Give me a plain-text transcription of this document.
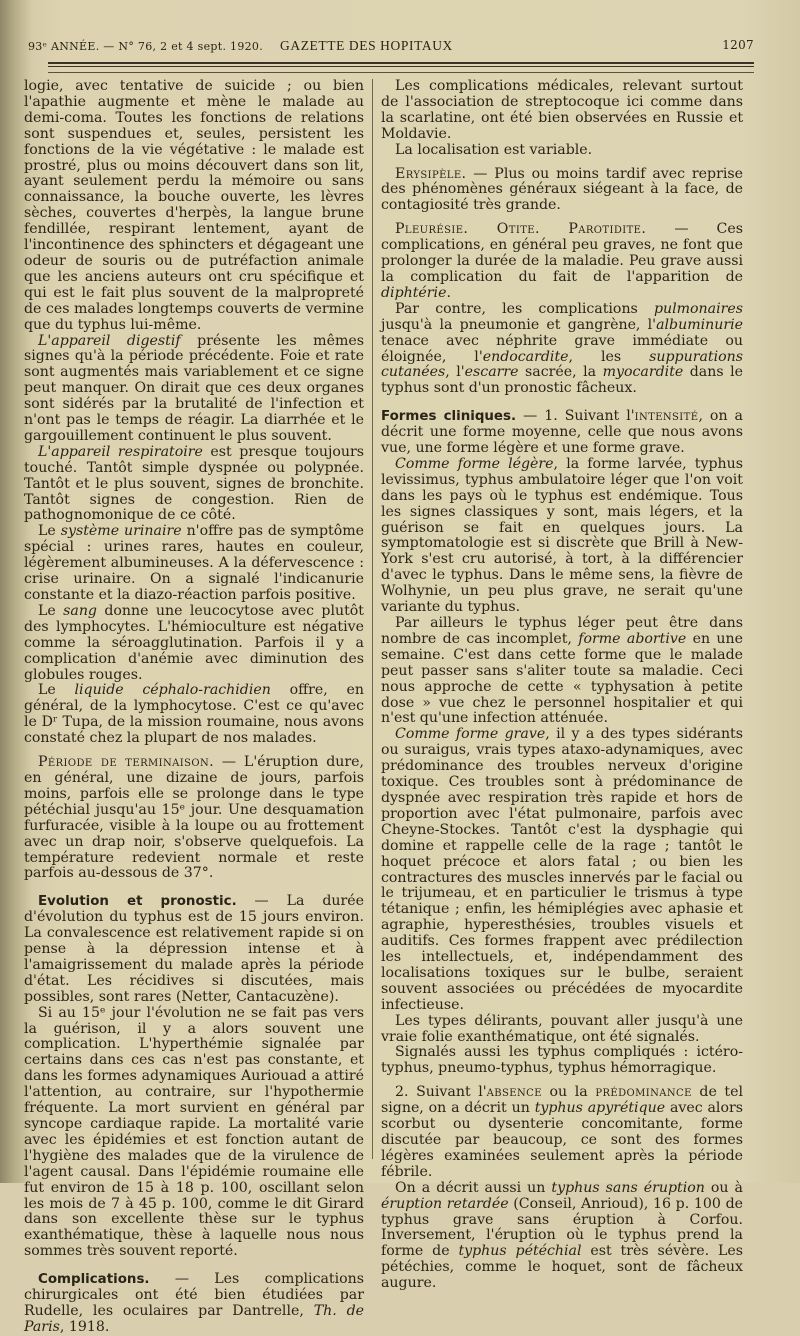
93ᵉ ANNÉE. — N° 76, 2 et 4 sept. 1920. GAZETTE DES HOPITAUX	1207

logie, avec tentative de suicide ; ou bien l'apathie augmente et mène le malade au demi-coma. Toutes les fonctions de relations sont suspendues et, seules, persistent les fonctions de la vie végétative : le malade est prostré, plus ou moins découvert dans son lit, ayant seulement perdu la mémoire ou sans connaissance, la bouche ouverte, les lèvres sèches, couvertes d'herpès, la langue brune fendillée, respirant lentement, ayant de l'incontinence des sphincters et dégageant une odeur de souris ou de putréfaction animale que les anciens auteurs ont cru spécifique et qui est le fait plus souvent de la malpropreté de ces malades longtemps couverts de vermine que du typhus lui-même.

L'appareil digestif présente les mêmes signes qu'à la période précédente. Foie et rate sont augmentés mais variablement et ce signe peut manquer. On dirait que ces deux organes sont sidérés par la brutalité de l'infection et n'ont pas le temps de réagir. La diarrhée et le gargouillement continuent le plus souvent.

L'appareil respiratoire est presque toujours touché. Tantôt simple dyspnée ou polypnée. Tantôt et le plus souvent, signes de bronchite. Tantôt signes de congestion. Rien de pathognomonique de ce côté.

Le système urinaire n'offre pas de symptôme spécial : urines rares, hautes en couleur, légèrement albumineuses. A la défervescence : crise urinaire. On a signalé l'indicanurie constante et la diazo-réaction parfois positive.

Le sang donne une leucocytose avec plutôt des lymphocytes. L'hémioculture est négative comme la séroagglutination. Parfois il y a complication d'anémie avec diminution des globules rouges.

Le liquide céphalo-rachidien offre, en général, de la lymphocytose. C'est ce qu'avec le Dʳ Tupa, de la mission roumaine, nous avons constaté chez la plupart de nos malades.

Période de terminaison. — L'éruption dure, en général, une dizaine de jours, parfois moins, parfois elle se prolonge dans le type pétéchial jusqu'au 15ᵉ jour. Une desquamation furfuracée, visible à la loupe ou au frottement avec un drap noir, s'observe quelquefois. La température redevient normale et reste parfois au-dessous de 37°.

Evolution et pronostic. — La durée d'évolution du typhus est de 15 jours environ. La convalescence est relativement rapide si on pense à la dépression intense et à l'amaigrissement du malade après la période d'état. Les récidives si discutées, mais possibles, sont rares (Netter, Cantacuzène).

Si au 15ᵉ jour l'évolution ne se fait pas vers la guérison, il y a alors souvent une complication. L'hyperthémie signalée par certains dans ces cas n'est pas constante, et dans les formes adynamiques Auriouad a attiré l'attention, au contraire, sur l'hypothermie fréquente. La mort survient en général par syncope cardiaque rapide. La mortalité varie avec les épidémies et est fonction autant de l'hygiène des malades que de la virulence de l'agent causal. Dans l'épidémie roumaine elle fut environ de 15 à 18 p. 100, oscillant selon les mois de 7 à 45 p. 100, comme le dit Girard dans son excellente thèse sur le typhus exanthématique, thèse à laquelle nous nous sommes très souvent reporté.

Complications. — Les complications chirurgicales ont été bien étudiées par Rudelle, les oculaires par Dantrelle, Th. de Paris, 1918.

Les complications médicales, relevant surtout de l'association de streptocoque ici comme dans la scarlatine, ont été bien observées en Russie et Moldavie.

La localisation est variable.

Erysipèle. — Plus ou moins tardif avec reprise des phénomènes généraux siégeant à la face, de contagiosité très grande.

Pleurésie. Otite. Parotidite. — Ces complications, en général peu graves, ne font que prolonger la durée de la maladie. Peu grave aussi la complication du fait de l'apparition de diphtérie.

Par contre, les complications pulmonaires jusqu'à la pneumonie et gangrène, l'albuminurie tenace avec néphrite grave immédiate ou éloignée, l'endocardite, les suppurations cutanées, l'escarre sacrée, la myocardite dans le typhus sont d'un pronostic fâcheux.

Formes cliniques. — 1. Suivant l'intensité, on a décrit une forme moyenne, celle que nous avons vue, une forme légère et une forme grave.

Comme forme légère, la forme larvée, typhus levissimus, typhus ambulatoire léger que l'on voit dans les pays où le typhus est endémique. Tous les signes classiques y sont, mais légers, et la guérison se fait en quelques jours. La symptomatologie est si discrète que Brill à New-York s'est cru autorisé, à tort, à la différencier d'avec le typhus. Dans le même sens, la fièvre de Wolhynie, un peu plus grave, ne serait qu'une variante du typhus.

Par ailleurs le typhus léger peut être dans nombre de cas incomplet, forme abortive en une semaine. C'est dans cette forme que le malade peut passer sans s'aliter toute sa maladie. Ceci nous approche de cette « typhysation à petite dose » vue chez le personnel hospitalier et qui n'est qu'une infection atténuée.

Comme forme grave, il y a des types sidérants ou suraigus, vrais types ataxo-adynamiques, avec prédominance des troubles nerveux d'origine toxique. Ces troubles sont à prédominance de dyspnée avec respiration très rapide et hors de proportion avec l'état pulmonaire, parfois avec Cheyne-Stockes. Tantôt c'est la dysphagie qui domine et rappelle celle de la rage ; tantôt le hoquet précoce et alors fatal ; ou bien les contractures des muscles innervés par le facial ou le trijumeau, et en particulier le trismus à type tétanique ; enfin, les hémiplégies avec aphasie et agraphie, hyperesthésies, troubles visuels et auditifs. Ces formes frappent avec prédilection les intellectuels, et, indépendamment des localisations toxiques sur le bulbe, seraient souvent associées ou précédées de myocardite infectieuse.

Les types délirants, pouvant aller jusqu'à une vraie folie exanthématique, ont été signalés.

Signalés aussi les typhus compliqués : ictéro-typhus, pneumo-typhus, typhus hémorragique.

2. Suivant l'absence ou la prédominance de tel signe, on a décrit un typhus apyrétique avec alors scorbut ou dysenterie concomitante, forme discutée par beaucoup, ce sont des formes légères examinées seulement après la période fébrile.

On a décrit aussi un typhus sans éruption ou à éruption retardée (Conseil, Anrioud), 16 p. 100 de typhus grave sans éruption à Corfou. Inversement, l'éruption où le typhus prend la forme de typhus pétéchial est très sévère. Les pétéchies, comme le hoquet, sont de fâcheux augure.
